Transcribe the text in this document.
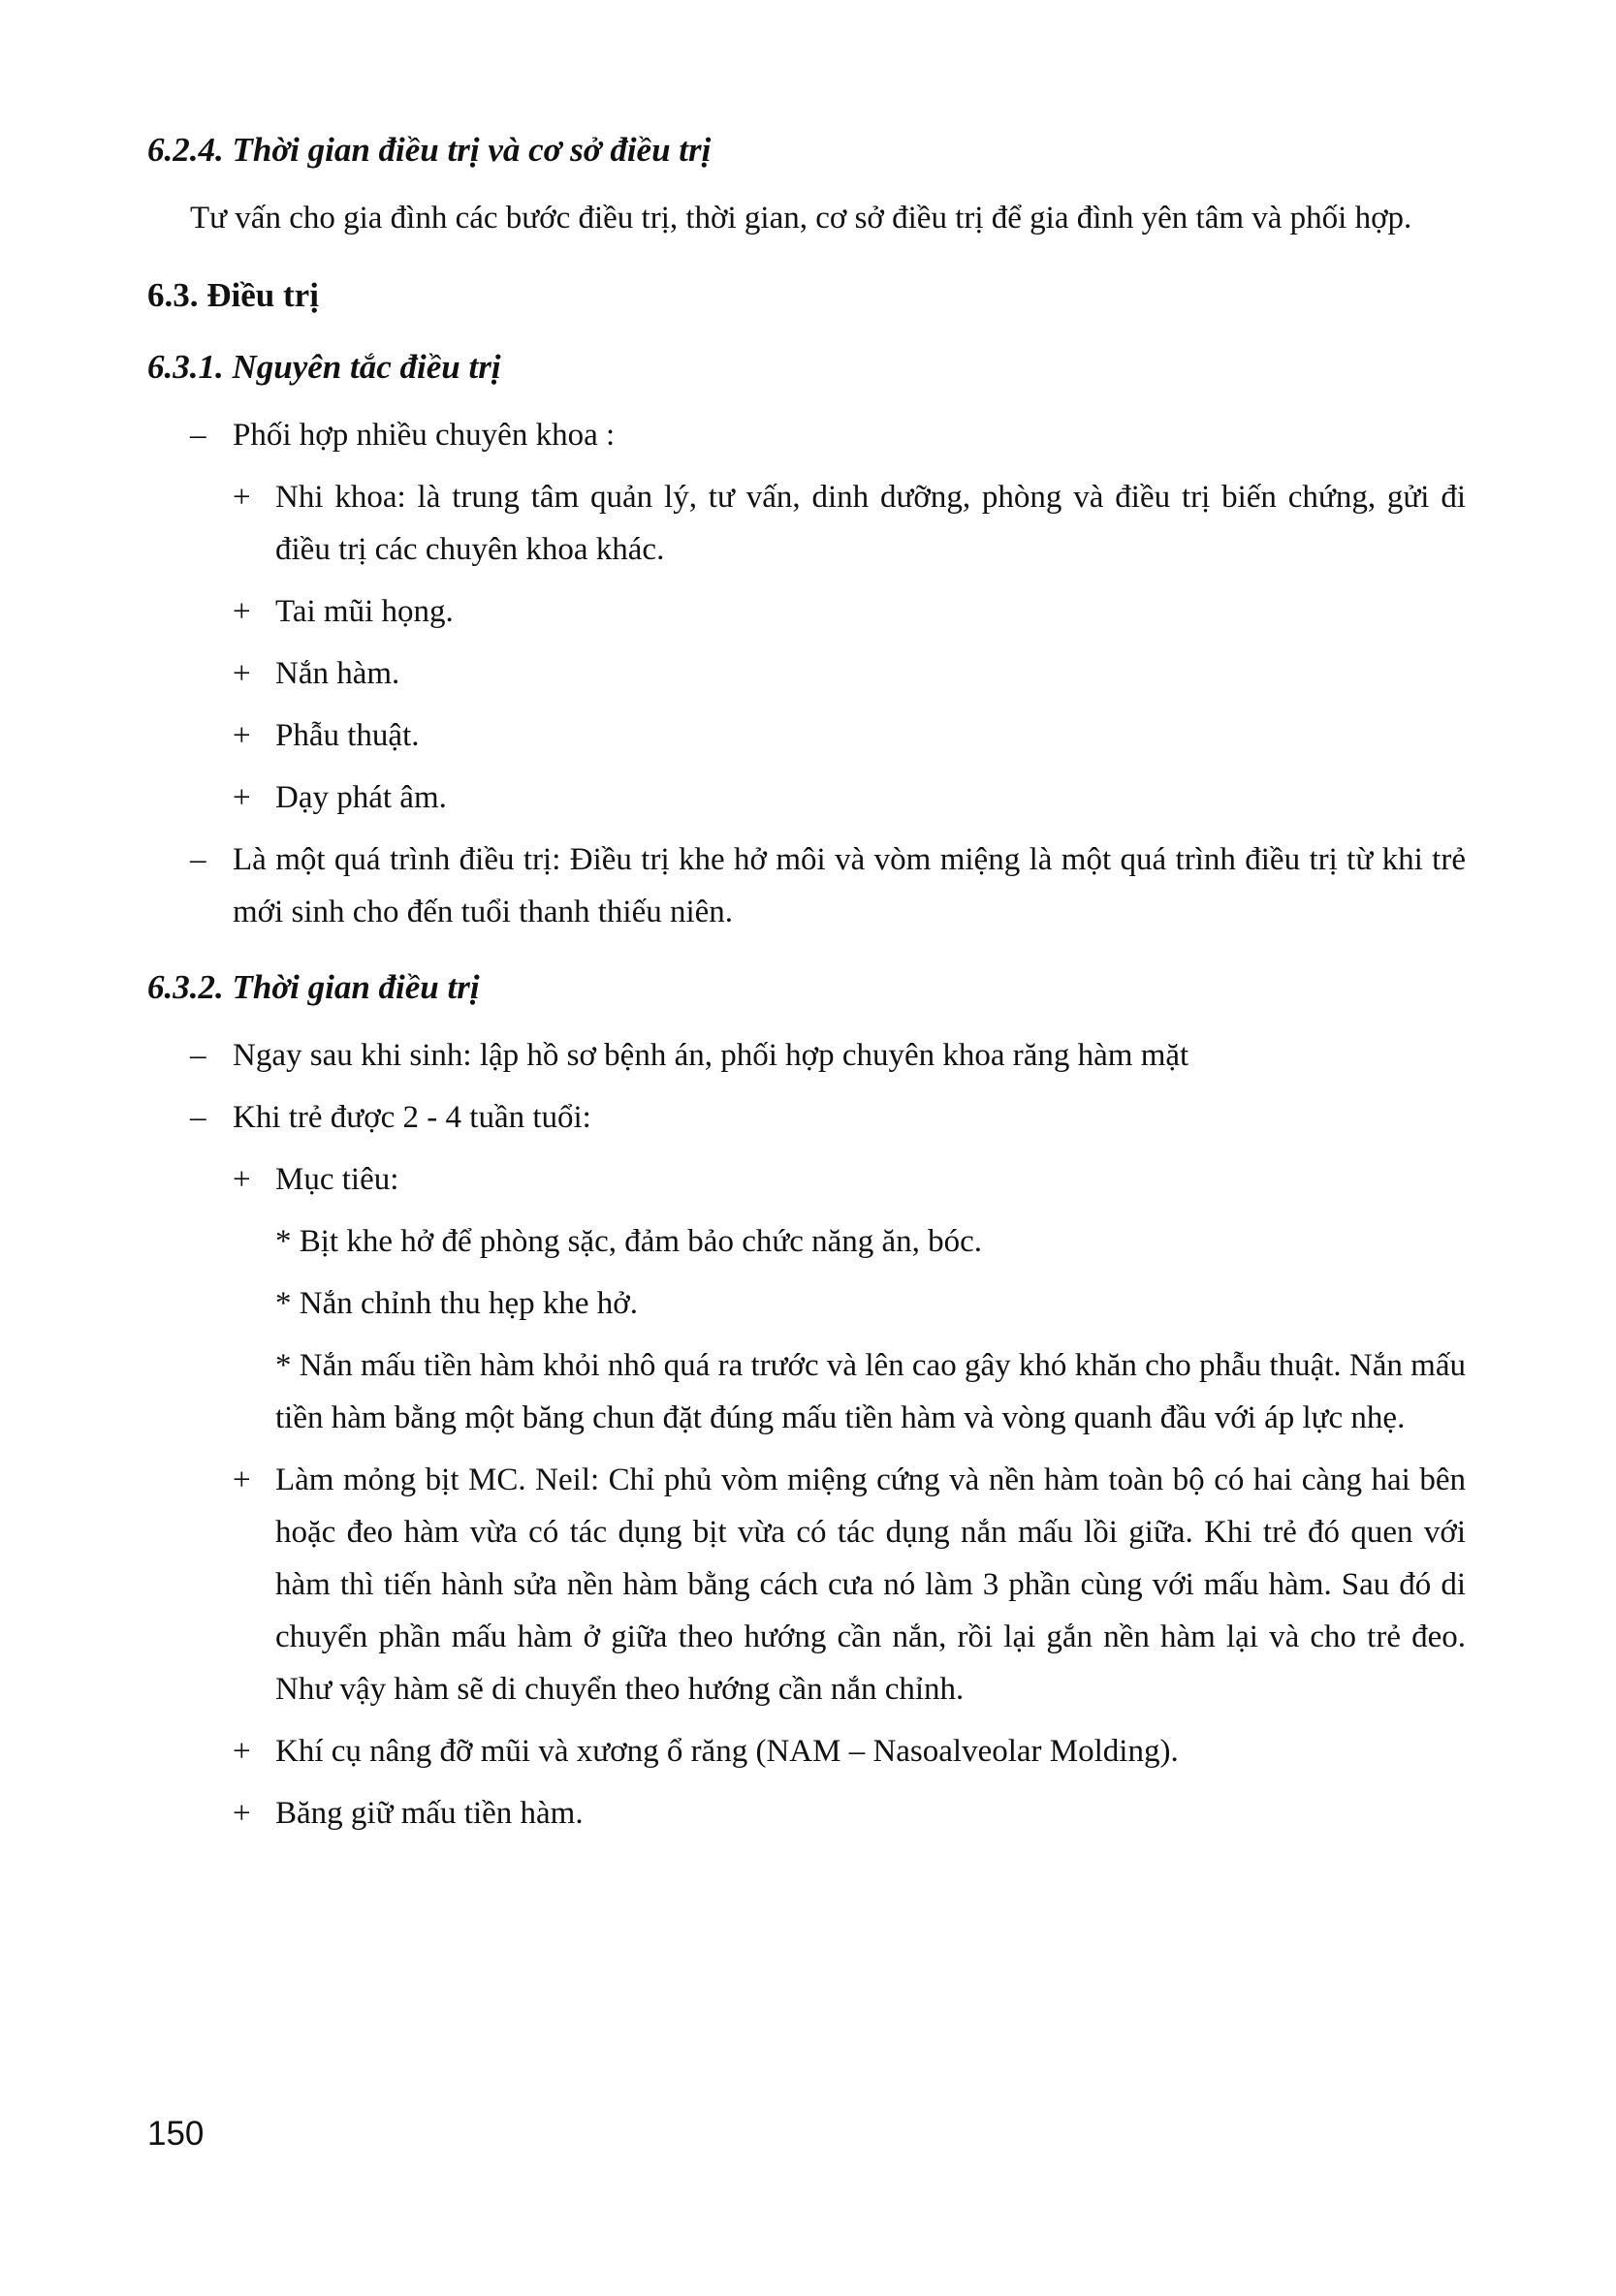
6.2.4. Thời gian điều trị và cơ sở điều trị

Tư vấn cho gia đình các bước điều trị, thời gian, cơ sở điều trị để gia đình yên tâm và phối hợp.

6.3. Điều trị
6.3.1. Nguyên tắc điều trị
– Phối hợp nhiều chuyên khoa :
+ Nhi khoa: là trung tâm quản lý, tư vấn, dinh dưỡng, phòng và điều trị biến chứng, gửi đi điều trị các chuyên khoa khác.
+ Tai mũi họng.
+ Nắn hàm.
+ Phẫu thuật.
+ Dạy phát âm.
– Là một quá trình điều trị: Điều trị khe hở môi và vòm miệng là một quá trình điều trị từ khi trẻ mới sinh cho đến tuổi thanh thiếu niên.
6.3.2. Thời gian điều trị
– Ngay sau khi sinh: lập hồ sơ bệnh án, phối hợp chuyên khoa răng hàm mặt
– Khi trẻ được 2 - 4 tuần tuổi:
+ Mục tiêu:
* Bịt khe hở để phòng sặc, đảm bảo chức năng ăn, bóc.
* Nắn chỉnh thu hẹp khe hở.
* Nắn mấu tiền hàm khỏi nhô quá ra trước và lên cao gây khó khăn cho phẫu thuật. Nắn mấu tiền hàm bằng một băng chun đặt đúng mấu tiền hàm và vòng quanh đầu với áp lực nhẹ.
+ Làm mỏng bịt MC. Neil: Chỉ phủ vòm miệng cứng và nền hàm toàn bộ có hai càng hai bên hoặc đeo hàm vừa có tác dụng bịt vừa có tác dụng nắn mấu lồi giữa. Khi trẻ đó quen với hàm thì tiến hành sửa nền hàm bằng cách cưa nó làm 3 phần cùng với mấu hàm. Sau đó di chuyển phần mấu hàm ở giữa theo hướng cần nắn, rồi lại gắn nền hàm lại và cho trẻ đeo. Như vậy hàm sẽ di chuyển theo hướng cần nắn chỉnh.
+ Khí cụ nâng đỡ mũi và xương ổ răng (NAM – Nasoalveolar Molding).
+ Băng giữ mấu tiền hàm.
150
